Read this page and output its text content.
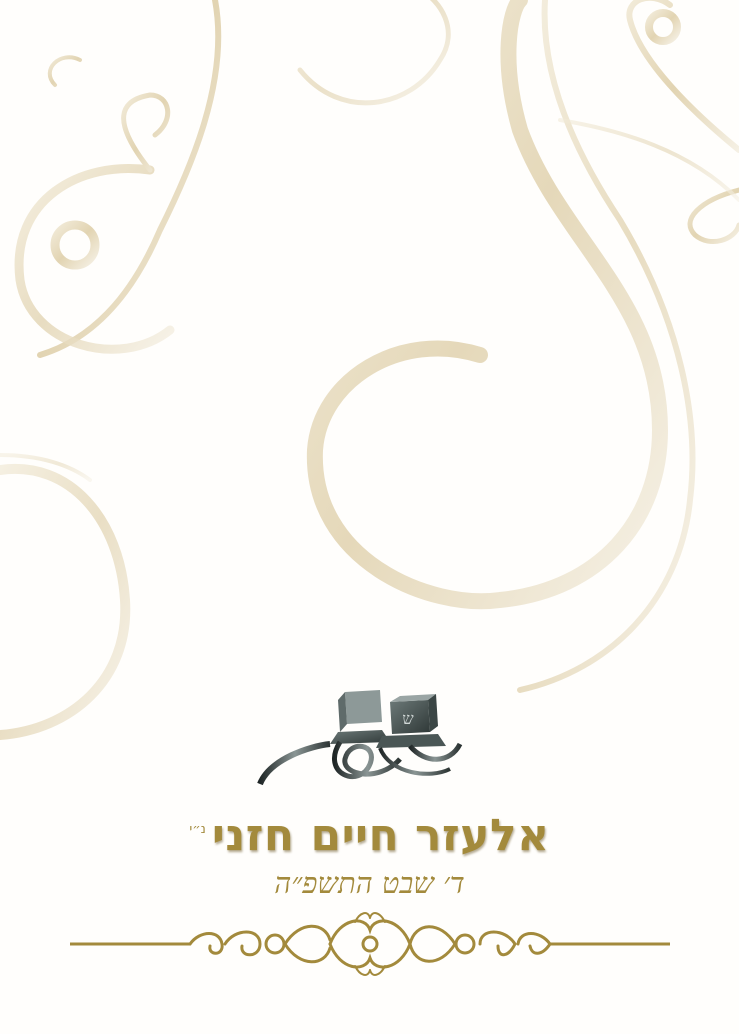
ש
אלעזר חיים חזני
נ״י
ד׳ שבט התשפ״ה
